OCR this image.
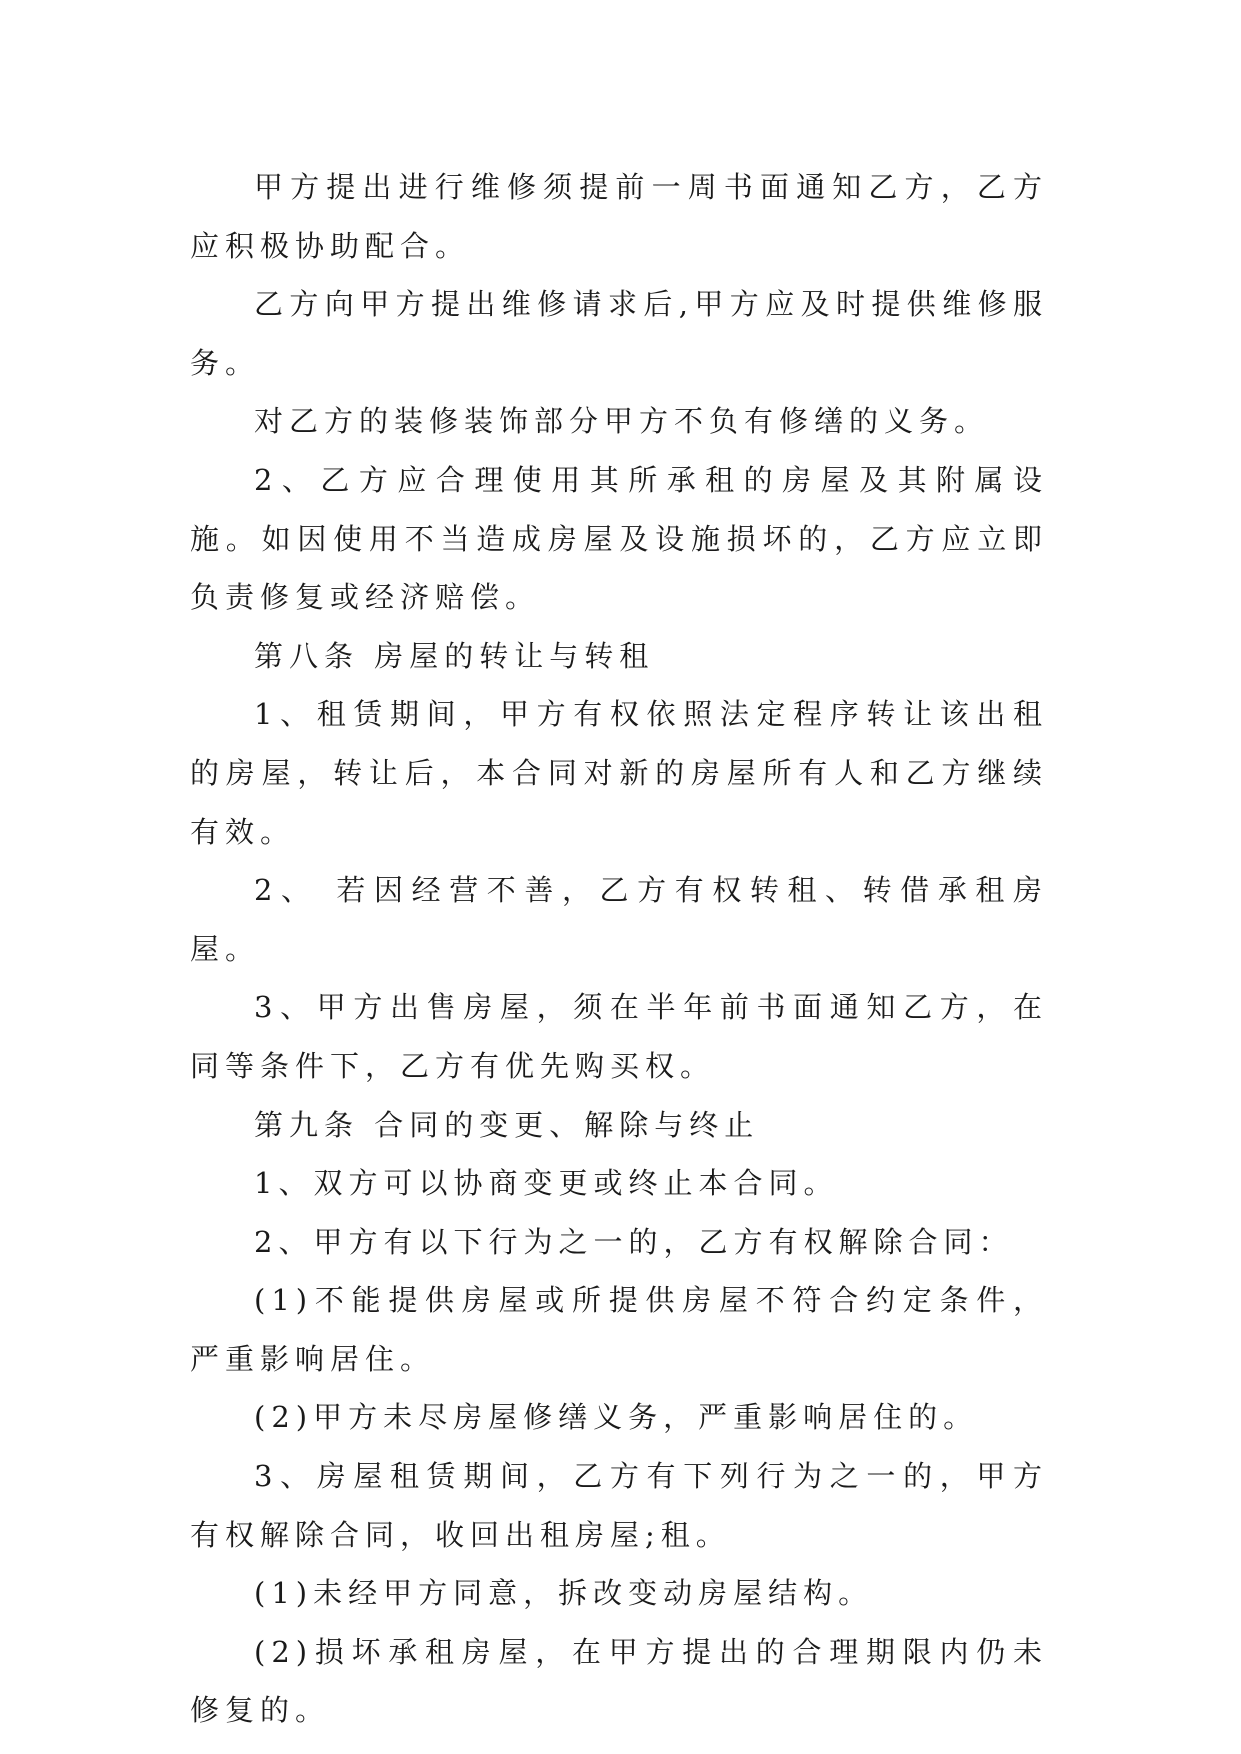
甲方提出进行维修须提前一周书面通知乙方，乙方应积极协助配合。

乙方向甲方提出维修请求后,甲方应及时提供维修服务。

对乙方的装修装饰部分甲方不负有修缮的义务。

2、乙方应合理使用其所承租的房屋及其附属设施。如因使用不当造成房屋及设施损坏的，乙方应立即负责修复或经济赔偿。

第八条 房屋的转让与转租

1、租赁期间，甲方有权依照法定程序转让该出租的房屋，转让后，本合同对新的房屋所有人和乙方继续有效。

2、 若因经营不善，乙方有权转租、转借承租房屋。

3、甲方出售房屋，须在半年前书面通知乙方，在同等条件下，乙方有优先购买权。

第九条 合同的变更、解除与终止

1、双方可以协商变更或终止本合同。

2、甲方有以下行为之一的，乙方有权解除合同：

(1)不能提供房屋或所提供房屋不符合约定条件，严重影响居住。

(2)甲方未尽房屋修缮义务，严重影响居住的。

3、房屋租赁期间，乙方有下列行为之一的，甲方有权解除合同，收回出租房屋;租。

(1)未经甲方同意，拆改变动房屋结构。

(2)损坏承租房屋，在甲方提出的合理期限内仍未修复的。
